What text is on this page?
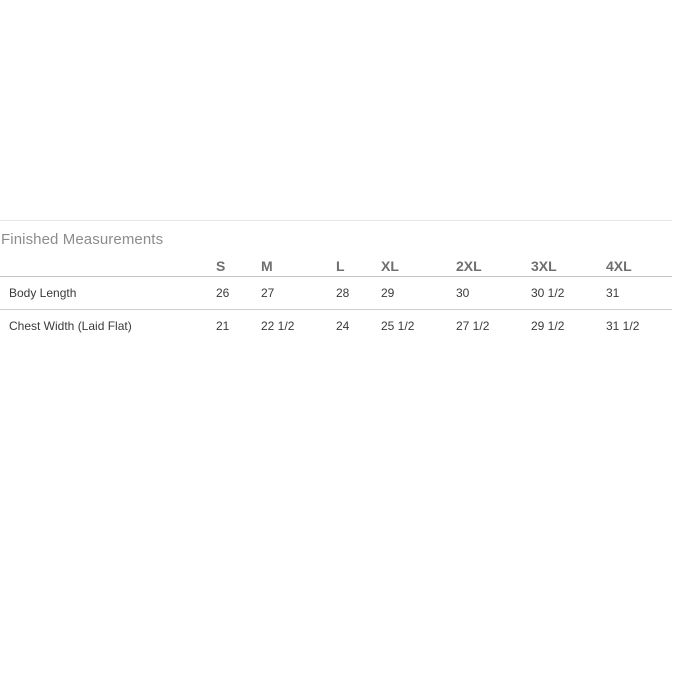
Finished Measurements
	S	M	L	XL	2XL	3XL	4XL
Body Length	26	27	28	29	30	30 1/2	31
Chest Width (Laid Flat)	21	22 1/2	24	25 1/2	27 1/2	29 1/2	31 1/2
